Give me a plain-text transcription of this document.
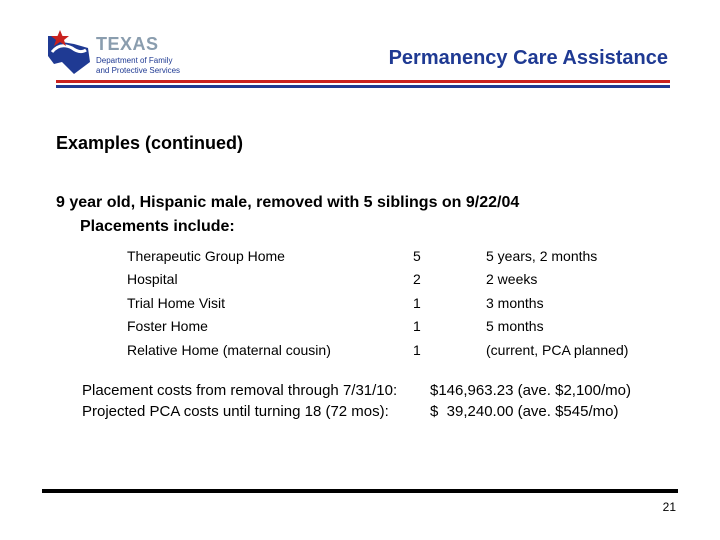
TEXAS
Department of Family
and Protective Services
Permanency Care Assistance
Examples (continued)
9 year old, Hispanic male, removed with 5 siblings on 9/22/04
Placements include:
Therapeutic Group Home	5	5 years, 2 months
Hospital	2	2 weeks
Trial Home Visit	1	3 months
Foster Home	1	5 months
Relative Home (maternal cousin)	1	(current, PCA planned)
Placement costs from removal through 7/31/10:	$146,963.23 (ave. $2,100/mo)
Projected PCA costs until turning 18 (72 mos):	$  39,240.00 (ave. $545/mo)
21
